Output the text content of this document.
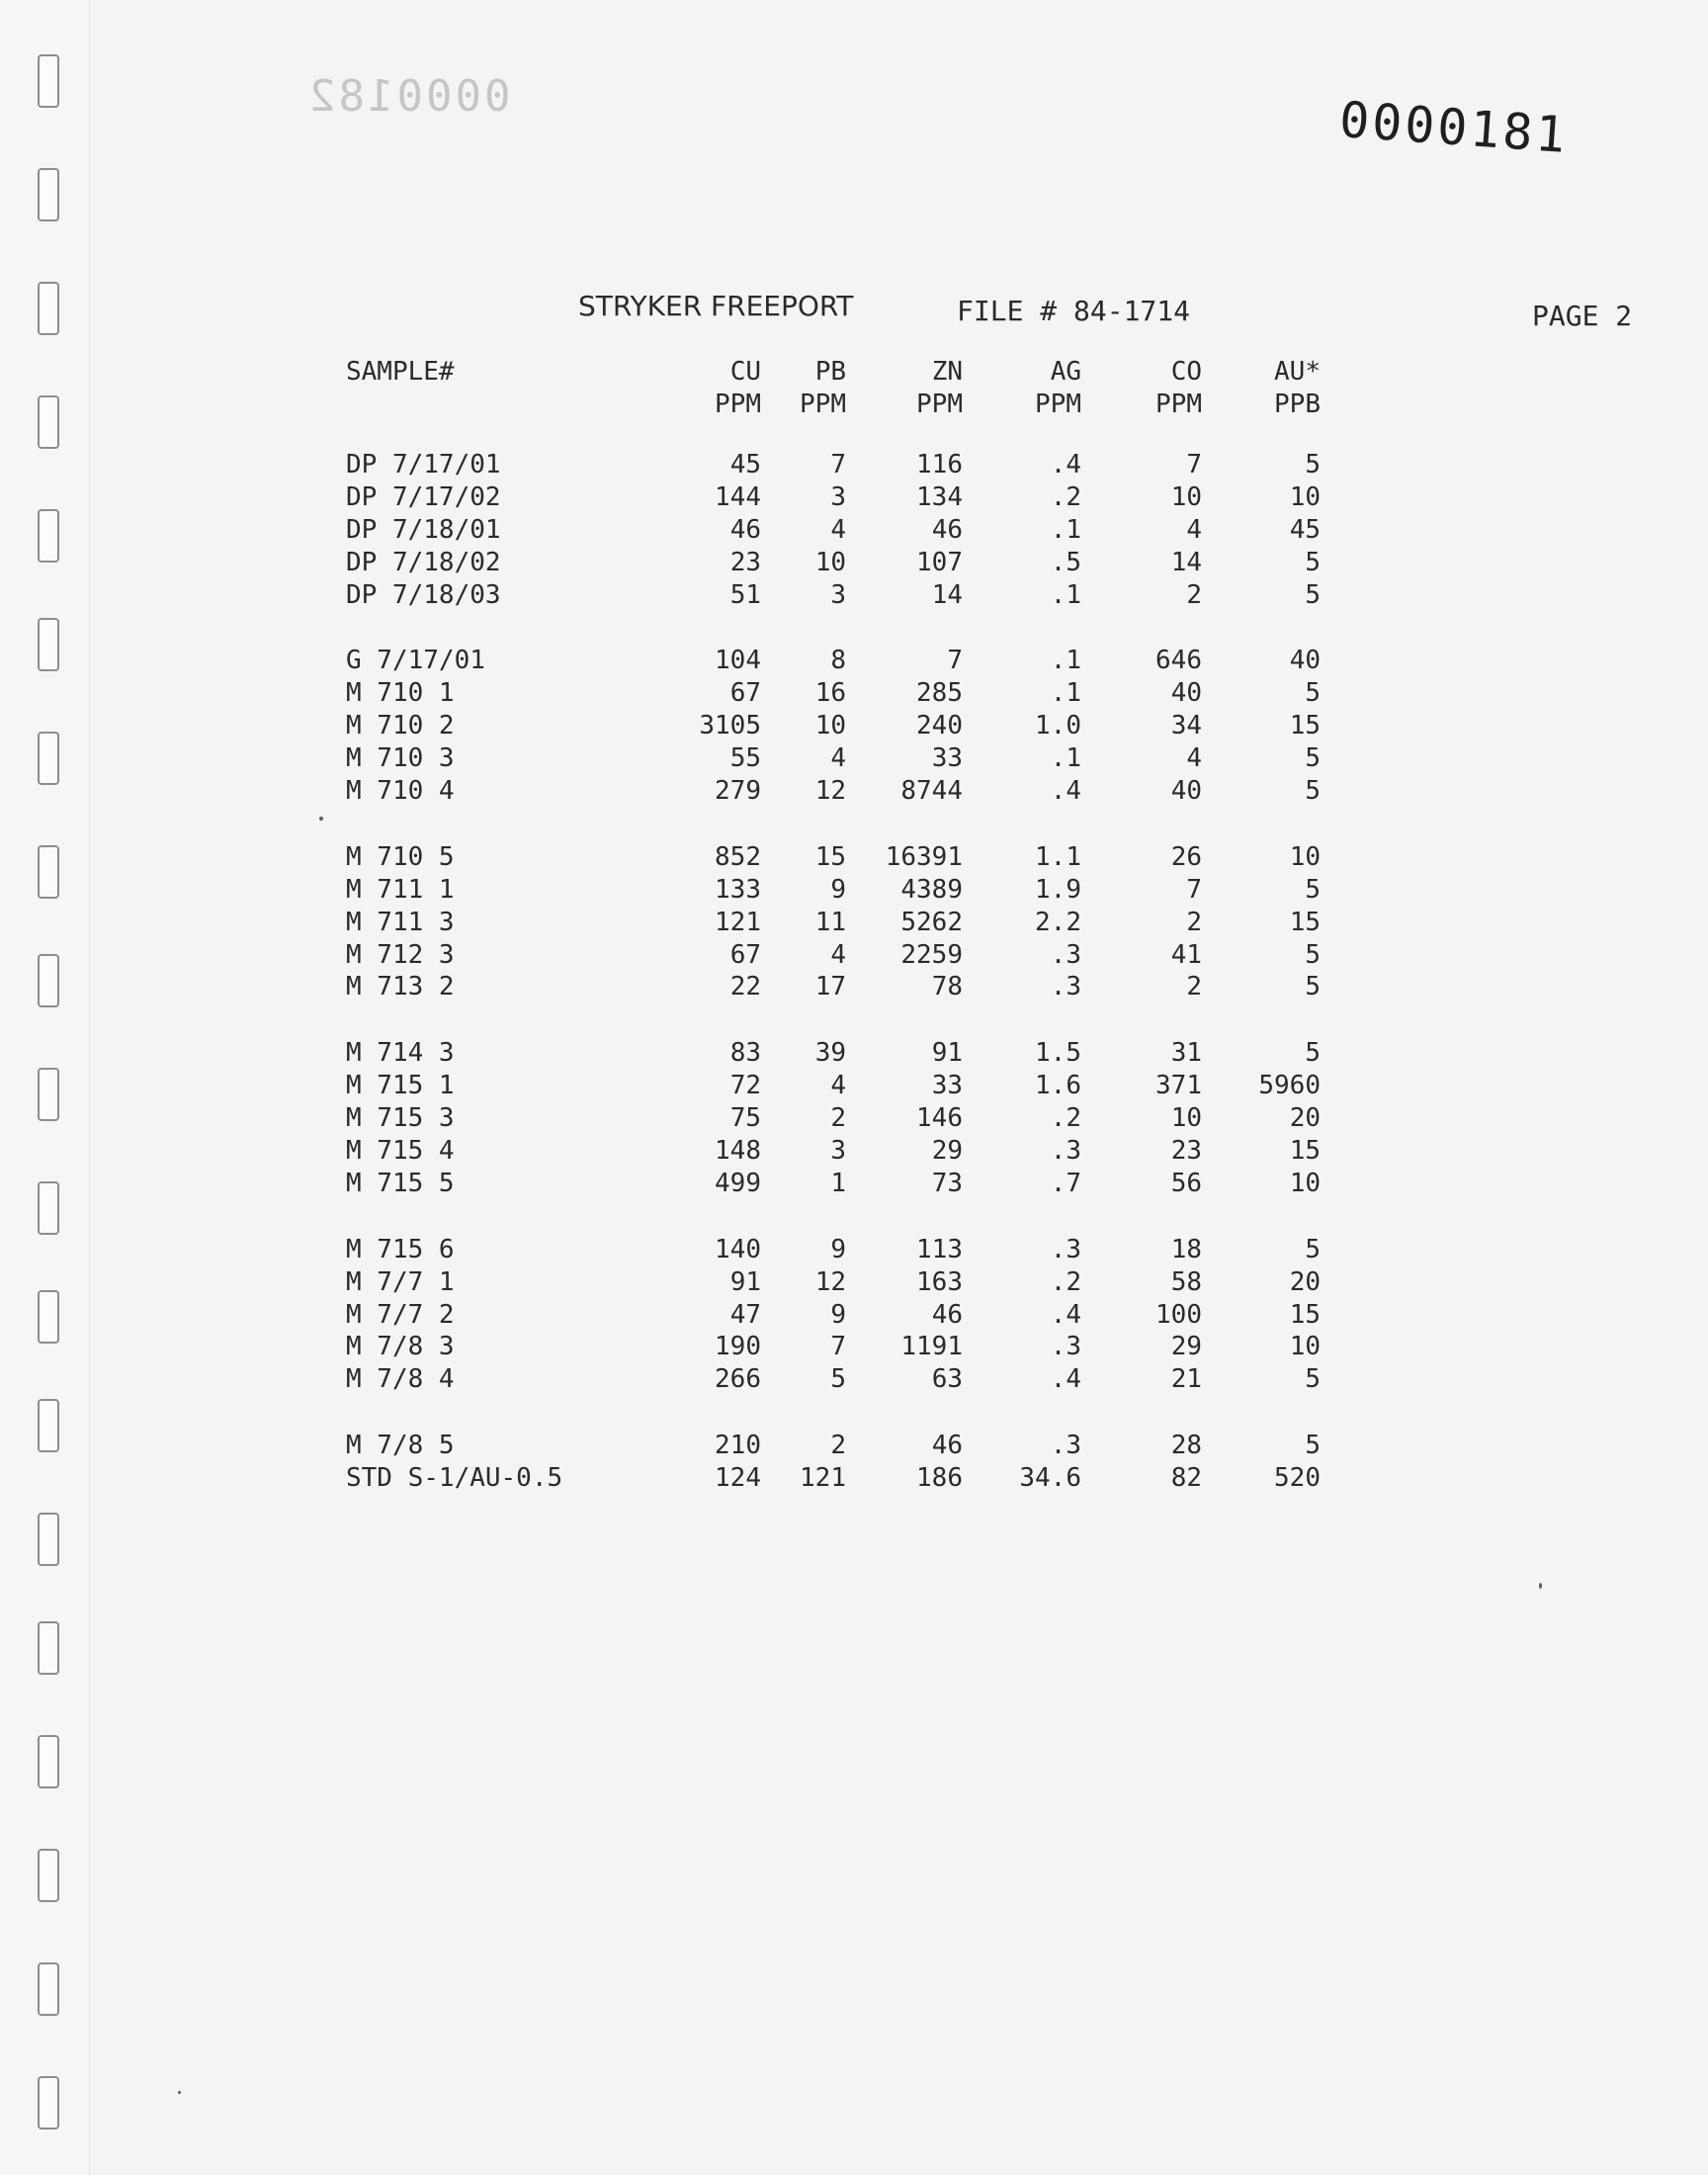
0000182	0000181
STRYKER FREEPORT	FILE # 84-1714	PAGE 2
SAMPLE#	CU	PB	ZN	AG	CO	AU*
PPM	PPM	PPM	PPM	PPM	PPB
DP 7/17/01	45	7	116	.4	7	5
DP 7/17/02	144	3	134	.2	10	10
DP 7/18/01	46	4	46	.1	4	45
DP 7/18/02	23	10	107	.5	14	5
DP 7/18/03	51	3	14	.1	2	5
G 7/17/01	104	8	7	.1	646	40
M 710 1	67	16	285	.1	40	5
M 710 2	3105	10	240	1.0	34	15
M 710 3	55	4	33	.1	4	5
M 710 4	279	12	8744	.4	40	5
M 710 5	852	15	16391	1.1	26	10
M 711 1	133	9	4389	1.9	7	5
M 711 3	121	11	5262	2.2	2	15
M 712 3	67	4	2259	.3	41	5
M 713 2	22	17	78	.3	2	5
M 714 3	83	39	91	1.5	31	5
M 715 1	72	4	33	1.6	371	5960
M 715 3	75	2	146	.2	10	20
M 715 4	148	3	29	.3	23	15
M 715 5	499	1	73	.7	56	10
M 715 6	140	9	113	.3	18	5
M 7/7 1	91	12	163	.2	58	20
M 7/7 2	47	9	46	.4	100	15
M 7/8 3	190	7	1191	.3	29	10
M 7/8 4	266	5	63	.4	21	5
M 7/8 5	210	2	46	.3	28	5
STD S-1/AU-0.5	124	121	186	34.6	82	520
